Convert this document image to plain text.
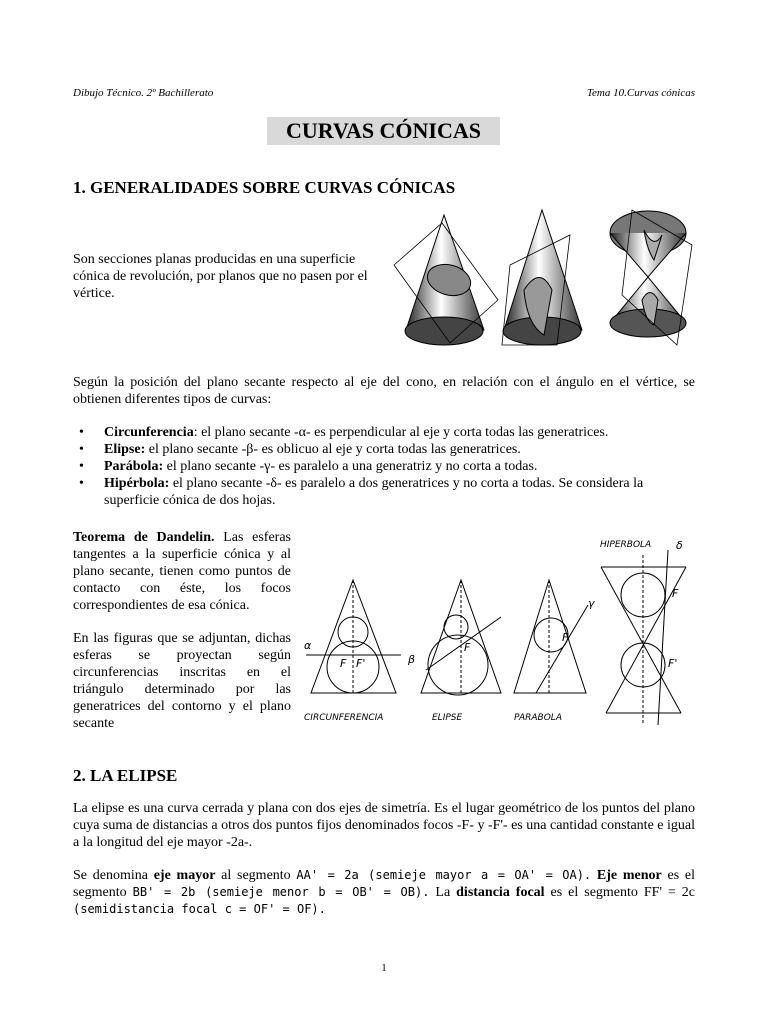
Dibujo Técnico. 2º Bachillerato	Tema 10.Curvas cónicas
CURVAS CÓNICAS
1. GENERALIDADES SOBRE CURVAS CÓNICAS
Son secciones planas producidas en una superficie cónica de revolución, por planos que no pasen por el vértice.
Según la posición del plano secante respecto al eje del cono, en relación con el ángulo en el vértice, se obtienen diferentes tipos de curvas:
• Circunferencia: el plano secante -α- es perpendicular al eje y corta todas las generatrices.
• Elipse: el plano secante -β- es oblicuo al eje y corta todas las generatrices.
• Parábola: el plano secante -γ- es paralelo a una generatriz y no corta a todas.
• Hipérbola: el plano secante -δ- es paralelo a dos generatrices y no corta a todas. Se considera la superficie cónica de dos hojas.

Teorema de Dandelin. Las esferas tangentes a la superficie cónica y al plano secante, tienen como puntos de contacto con éste, los focos correspondientes de esa cónica.

En las figuras que se adjuntan, dichas esferas se proyectan según circunferencias inscritas en el triángulo determinado por las generatrices del contorno y el plano secante	CIRCUNFERENCIA	ELIPSE	PARABOLA
HIPERBOLA
α
β
γ
δ
F F'
F
F
F
F'
2. LA ELIPSE
La elipse es una curva cerrada y plana con dos ejes de simetría. Es el lugar geométrico de los puntos del plano cuya suma de distancias a otros dos puntos fijos denominados focos -F- y -F'- es una cantidad constante e igual a la longitud del eje mayor -2a-.
Se denomina eje mayor al segmento AA' = 2a (semieje mayor a = OA' = OA). Eje menor es el segmento BB' = 2b (semieje menor b = OB' = OB). La distancia focal es el segmento FF' = 2c (semidistancia focal c = OF' = OF).
1
